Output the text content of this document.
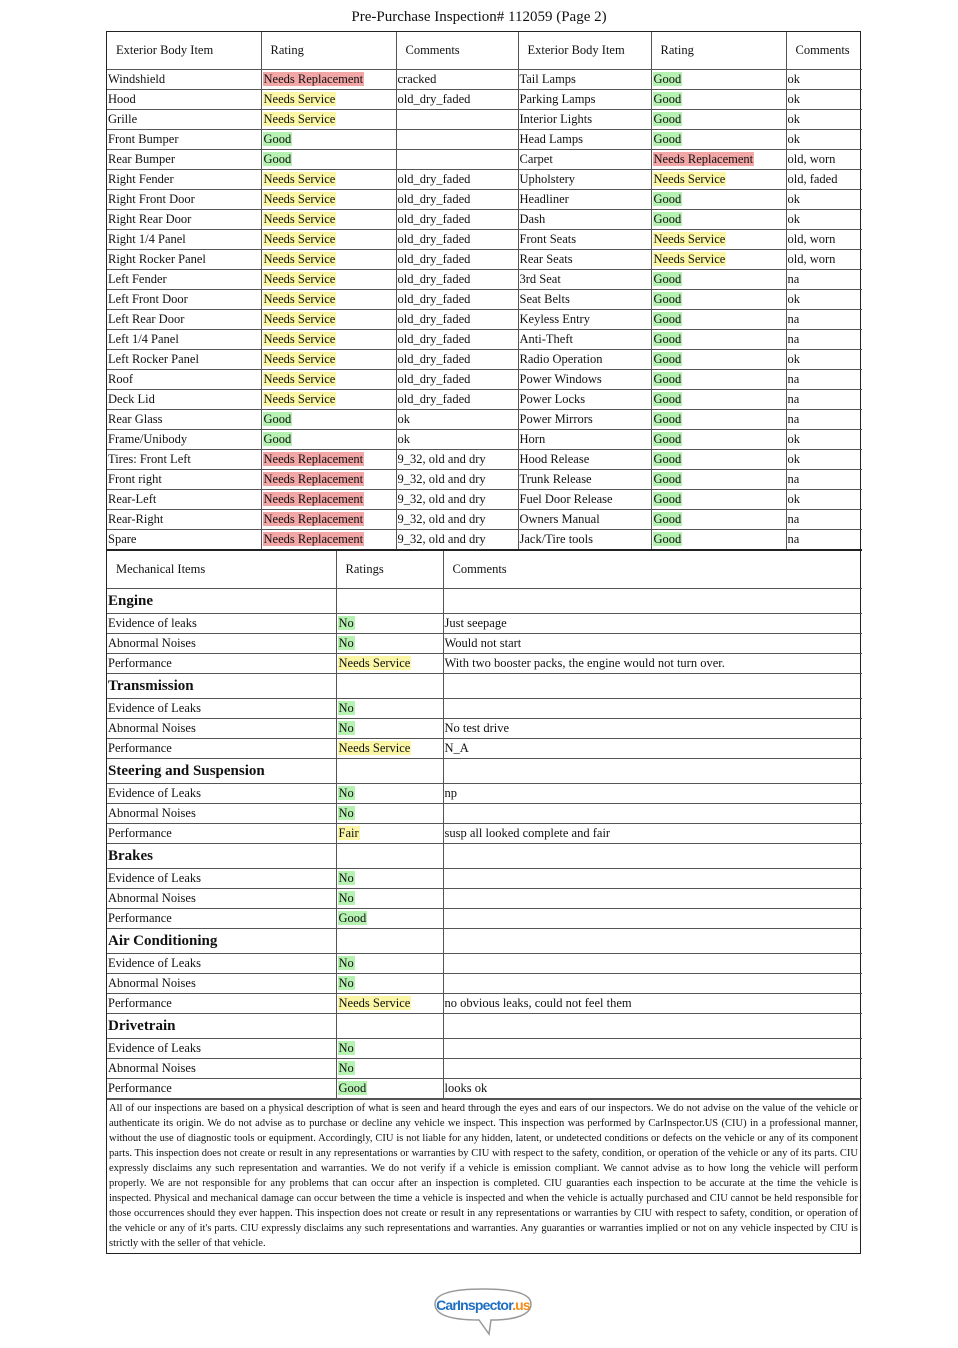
Pre-Purchase Inspection# 112059 (Page 2)
Exterior Body Item	Rating	Comments	Exterior Body Item	Rating	Comments
Windshield	Needs Replacement	cracked	Tail Lamps	Good	ok
Hood	Needs Service	old_dry_faded	Parking Lamps	Good	ok
Grille	Needs Service		Interior Lights	Good	ok
Front Bumper	Good		Head Lamps	Good	ok
Rear Bumper	Good		Carpet	Needs Replacement	old, worn
Right Fender	Needs Service	old_dry_faded	Upholstery	Needs Service	old, faded
Right Front Door	Needs Service	old_dry_faded	Headliner	Good	ok
Right Rear Door	Needs Service	old_dry_faded	Dash	Good	ok
Right 1/4 Panel	Needs Service	old_dry_faded	Front Seats	Needs Service	old, worn
Right Rocker Panel	Needs Service	old_dry_faded	Rear Seats	Needs Service	old, worn
Left Fender	Needs Service	old_dry_faded	3rd Seat	Good	na
Left Front Door	Needs Service	old_dry_faded	Seat Belts	Good	ok
Left Rear Door	Needs Service	old_dry_faded	Keyless Entry	Good	na
Left 1/4 Panel	Needs Service	old_dry_faded	Anti-Theft	Good	na
Left Rocker Panel	Needs Service	old_dry_faded	Radio Operation	Good	ok
Roof	Needs Service	old_dry_faded	Power Windows	Good	na
Deck Lid	Needs Service	old_dry_faded	Power Locks	Good	na
Rear Glass	Good	ok	Power Mirrors	Good	na
Frame/Unibody	Good	ok	Horn	Good	ok
Tires: Front Left	Needs Replacement	9_32, old and dry	Hood Release	Good	ok
Front right	Needs Replacement	9_32, old and dry	Trunk Release	Good	na
Rear-Left	Needs Replacement	9_32, old and dry	Fuel Door Release	Good	ok
Rear-Right	Needs Replacement	9_32, old and dry	Owners Manual	Good	na
Spare	Needs Replacement	9_32, old and dry	Jack/Tire tools	Good	na
Mechanical Items	Ratings	Comments
Engine		
Evidence of leaks	No	Just seepage
Abnormal Noises	No	Would not start
Performance	Needs Service	With two booster packs, the engine would not turn over.
Transmission		
Evidence of Leaks	No	
Abnormal Noises	No	No test drive
Performance	Needs Service	N_A
Steering and Suspension		
Evidence of Leaks	No	np
Abnormal Noises	No	
Performance	Fair	susp all looked complete and fair
Brakes		
Evidence of Leaks	No	
Abnormal Noises	No	
Performance	Good	
Air Conditioning		
Evidence of Leaks	No	
Abnormal Noises	No	
Performance	Needs Service	no obvious leaks, could not feel them
Drivetrain		
Evidence of Leaks	No	
Abnormal Noises	No	
Performance	Good	looks ok
All of our inspections are based on a physical description of what is seen and heard through the eyes and ears of our inspectors. We do not advise on the value of the vehicle or authenticate its origin. We do not advise as to purchase or decline any vehicle we inspect. This inspection was performed by CarInspector.US (CIU) in a professional manner, without the use of diagnostic tools or equipment. Accordingly, CIU is not liable for any hidden, latent, or undetected conditions or defects on the vehicle or any of its component parts. This inspection does not create or result in any representations or warranties by CIU with respect to the safety, condition, or operation of the vehicle or any of its parts. CIU expressly disclaims any such representation and warranties. We do not verify if a vehicle is emission compliant. We cannot advise as to how long the vehicle will perform properly. We are not responsible for any problems that can occur after an inspection is completed. CIU guaranties each inspection to be accurate at the time the vehicle is inspected. Physical and mechanical damage can occur between the time a vehicle is inspected and when the vehicle is actually purchased and CIU cannot be held responsible for those occurrences should they ever happen. This inspection does not create or result in any representations or warranties by CIU with respect to safety, condition, or operation of the vehicle or any of it's parts. CIU expressly disclaims any such representations and warranties. Any guaranties or warranties implied or not on any vehicle inspected by CIU is strictly with the seller of that vehicle.
CarInspector.us
